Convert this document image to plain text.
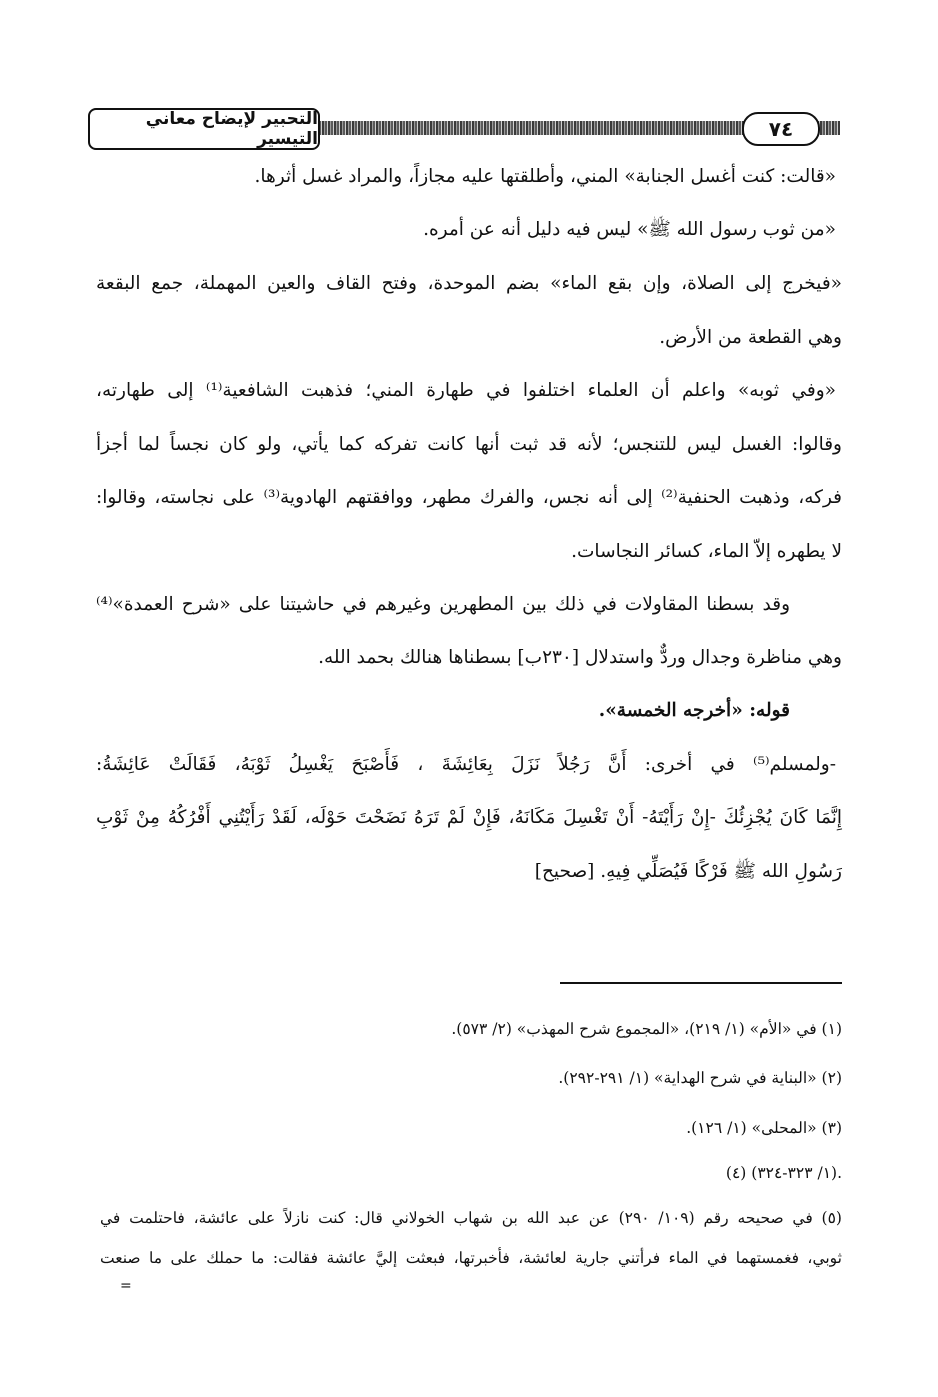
التحبير لإيضاح معاني التيسير	٧٤
«قالت: كنت أغسل الجنابة» المني، وأطلقتها عليه مجازاً، والمراد غسل أثرها.
«من ثوب رسول الله ﷺ» ليس فيه دليل أنه عن أمره.
«فيخرج إلى الصلاة، وإن بقع الماء» بضم الموحدة، وفتح القاف والعين المهملة، جمع البقعة
وهي القطعة من الأرض.
«وفي ثوبه» واعلم أن العلماء اختلفوا في طهارة المني؛ فذهبت الشافعية⁽¹⁾ إلى طهارته،
وقالوا: الغسل ليس للتنجس؛ لأنه قد ثبت أنها كانت تفركه كما يأتي، ولو كان نجساً لما أجزأ
فركه، وذهبت الحنفية⁽²⁾ إلى أنه نجس، والفرك مطهر، ووافقتهم الهادوية⁽³⁾ على نجاسته، وقالوا:
لا يطهره إلاّ الماء، كسائر النجاسات.
وقد بسطنا المقاولات في ذلك بين المطهرين وغيرهم في حاشيتنا على «شرح العمدة»⁽⁴⁾
وهي مناظرة وجدال وردٌّ واستدلال [٢٣٠ب] بسطناها هنالك بحمد الله.
قوله: «أخرجه الخمسة».
-ولمسلم⁽⁵⁾ في أخرى: أَنَّ رَجُلاً نَزَلَ بِعَائِشَةَ ، فَأَصْبَحَ يَغْسِلُ ثَوْبَهُ، فَقَالَتْ عَائِشَةُ:
إِنَّمَا كَانَ يُجْزِئُكَ -إِنْ رَأَيْتَهُ- أَنْ تَغْسِلَ مَكَانَهُ، فَإِنْ لَمْ تَرَهُ نَضَحْتَ حَوْلَه، لَقَدْ رَأَيْتُنِي أَفْرُكُهُ مِنْ ثَوْبِ
رَسُولِ الله ﷺ فَرْكًا فَيُصَلِّي فِيهِ. [صحيح]
(١) في «الأم» (١/ ٢١٩)، «المجموع شرح المهذب» (٢/ ٥٧٣).
(٢) «البناية في شرح الهداية» (١/ ٢٩١-٢٩٢).
(٣) «المحلى» (١/ ١٢٦).
(٤) (١/ ٣٢٣-٣٢٤).
(٥) في صحيحه رقم (١٠٩/ ٢٩٠) عن عبد الله بن شهاب الخولاني قال: كنت نازلاً على عائشة، فاحتلمت في
ثوبي، فغمستهما في الماء فرأتني جارية لعائشة، فأخبرتها، فبعثت إليَّ عائشة فقالت: ما حملك على ما صنعت
=
